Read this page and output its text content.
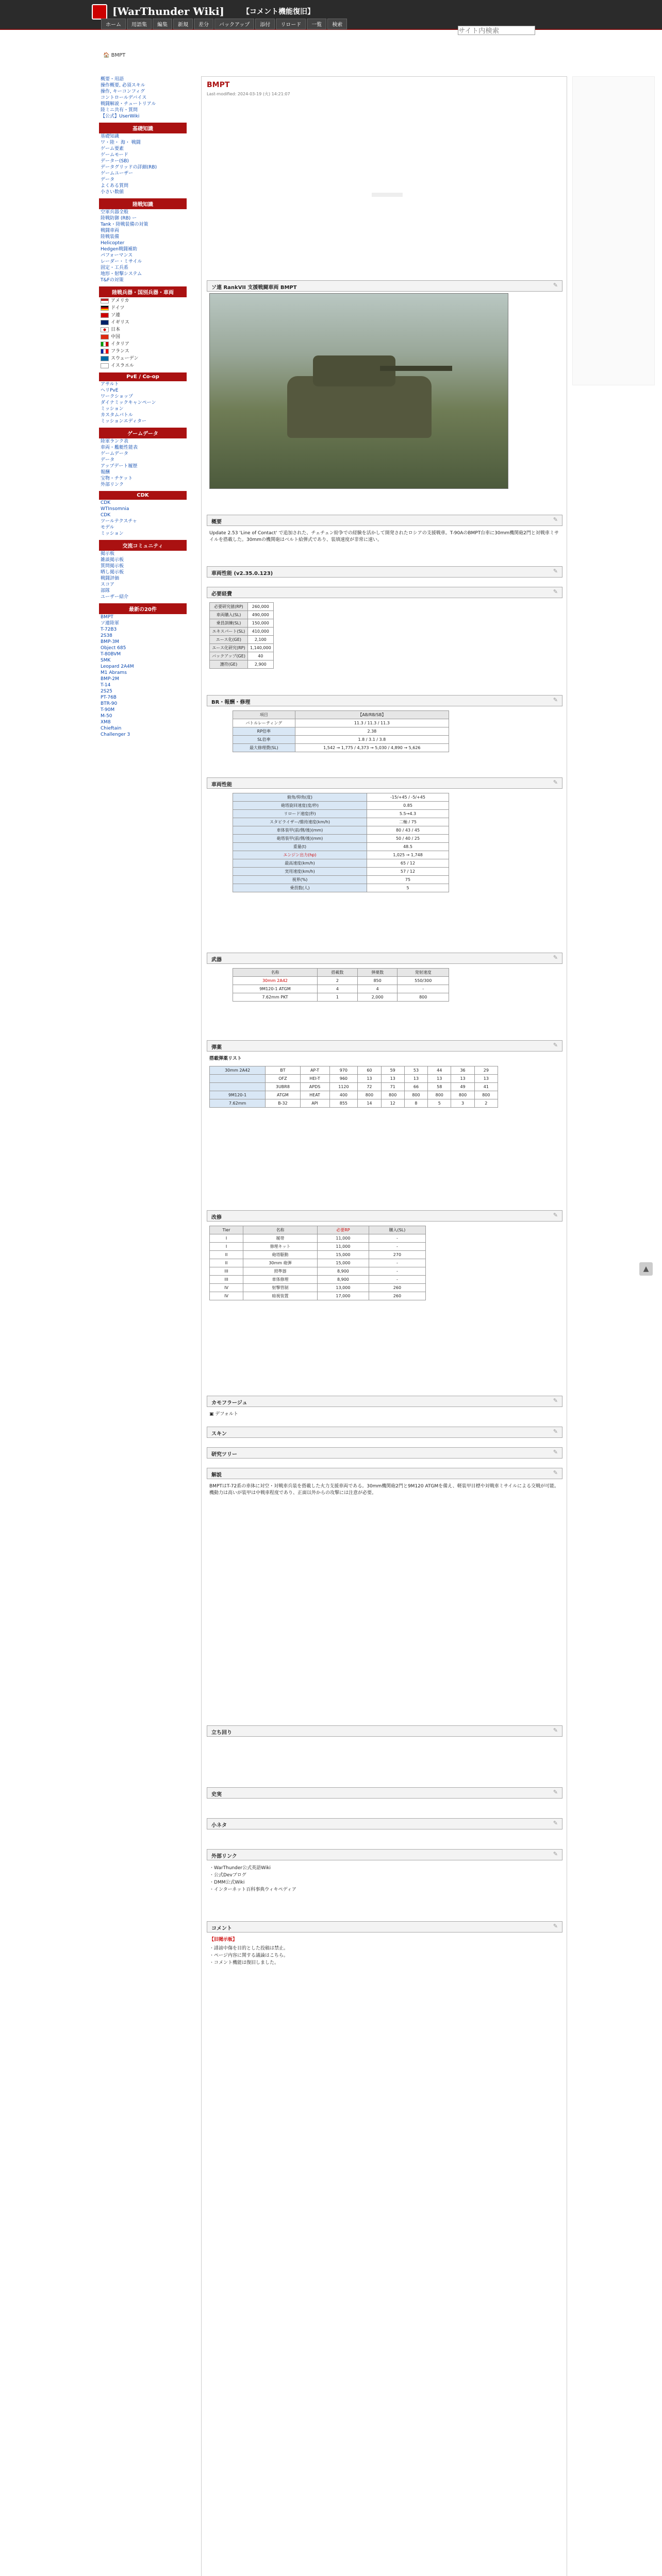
[WarThunder Wiki] 【コメント機能復旧】
ホーム	用語集	編集	新規	差分	バックアップ	添付	リロード	一覧	検索
サイト内検索
🏠 BMPT
概要・用語
操作概要, 必須スキル
操作, キーコンフィグ
コントロールデバイス
戦闘解説・チュートリアル
陸ミニ共有・質問
【公式】UserWiki
基礎知識
基礎知識
ワ・陸・ 海・ 戦闘
ゲーム要素
ゲームモード
データー(SB)
データグリッドの詳細(RB)
ゲームユーザー
データ
よくある質問
小さい数値
陸戦知識
空軍兵器全般
陸戦防御 (RB) ー
Tank・陸戦装備の対策
戦闘車両
陸戦装備
Helicopter
Hedgen戦闘補助
パフォーマンス
レーダー・ミサイル
固定・工兵系
地形・射撃システム
T&Fの対策
陸戦兵器・国別兵器・車両
アメリカ
ドイツ
ソ連
イギリス
日本
中国
イタリア
フランス
スウェーデン
イスラエル
PvE / Co-op
アサルト
ヘリPvE
ワークショップ
ダイナミックキャンペーン
ミッション
カスタムバトル
ミッションエディター
ゲームデータ
陸軍ランク表
車両・艦艇性能表
ゲームデータ
データ
アップデート履歴
報酬
宝物・チケット
外部リンク
CDK
CDK
WTInsomnia
CDK
ツールテクスチャ
モデル
ミッション
交流コミュニティ
掲示板
雑談掲示板
質問掲示板
晒し掲示板
戦闘評価
スコア
部隊
ユーザー紹介
最新の20件
BMPT
ソ連陸軍
T-72B3
2S38
BMP-3M
Object 685
T-80BVM
SMK
Leopard 2A4M
M1 Abrams
BMP-2M
T-14
2S25
PT-76B
BTR-90
T-90M
M-50
XM8
Chieftain
Challenger 3
BMPT
Last-modified: 2024-03-19 (火) 14:21:07
ソ連 RankVII 支援戦闘車両 BMPT	✎
概要	✎
Update 2.53 'Line of Contact' で追加された、チェチェン紛争での経験を活かして開発されたロシアの支援戦車。T-90AのBMPT台車に30mm機関砲2門と対戦車ミサイルを搭載した。30mmの機関砲はベルト給弾式であり、装填速度が非常に速い。
車両性能 (v2.35.0.123)	✎
必要経費	✎
必要研究値(RP)	260,000
車両購入(SL)	490,000
乗員訓練(SL)	150,000
エキスパート(SL)	410,000
エース化(GE)	2,100
エース化研究(RP)	1,140,000
バックアップ(GE)	40
護符(GE)	2,900
BR・報酬・修理	✎
項目	【AB/RB/SB】
バトルレーティング	11.3 / 11.3 / 11.3
RP倍率	2.38
SL倍率	1.8 / 3.1 / 3.8
最大修理費(SL)	1,542 → 1,775 / 4,373 → 5,030 / 4,890 → 5,626
車両性能	✎
俯角/仰角(度)	-15/+45 / -5/+45
砲塔旋回速度(度/秒)	0.85
リロード速度(秒)	5.5→4.3
スタビライザー/維持速度(km/h)	二軸 / 75
車体装甲(前/側/後)(mm)	80 / 43 / 45
砲塔装甲(前/側/後)(mm)	50 / 40 / 25
重量(t)	48.5
エンジン出力(hp)	1,025 → 1,748
最高速度(km/h)	65 / 12
実用速度(km/h)	57 / 12
視界(%)	75
乗員数(人)	5
武器	✎
名称	搭載数	弾薬数	発射速度
30mm 2A42	2	850	550/300
9M120-1 ATGM	4	4	-
7.62mm PKT	1	2,000	800
弾薬	✎
搭載弾薬リスト
30mm 2A42	BT	AP-T	970	60	59	53	44	36	29
	OFZ	HEI-T	960	13	13	13	13	13	13
	3UBR8	APDS	1120	72	71	66	58	49	41
9M120-1	ATGM	HEAT	400	800	800	800	800	800	800
7.62mm	B-32	API	855	14	12	8	5	3	2
改修	✎
Tier	名称	必要RP	購入(SL)
I	履帯	11,000	-
I	修理キット	11,000	-
II	砲塔駆動	15,000	270
II	30mm 砲弾	15,000	-
III	照準器	8,900	-
III	車体修理	8,900	-
IV	射撃管制	13,000	260
IV	暗視装置	17,000	260
カモフラージュ	✎
▣ デフォルト
スキン	✎
研究ツリー	✎
解説	✎
BMPTはT-72系の車体に対空・対戦車兵装を搭載した火力支援車両である。30mm機関砲2門と9M120 ATGMを備え、軽装甲目標や対戦車ミサイルによる交戦が可能。機動力は高いが装甲は中戦車程度であり、正面以外からの攻撃には注意が必要。
立ち回り	✎
史実	✎
小ネタ	✎
外部リンク	✎
・ WarThunder公式英語Wiki
・ 公式Devブログ
・ DMM公式Wiki
・ インターネット百科事典ウィキペディア
コメント	✎
【旧掲示板】
・ 誹謗中傷を目的とした投稿は禁止。
・ ページ内容に関する議論はこちら。
・ コメント機能は復旧しました。
▲
